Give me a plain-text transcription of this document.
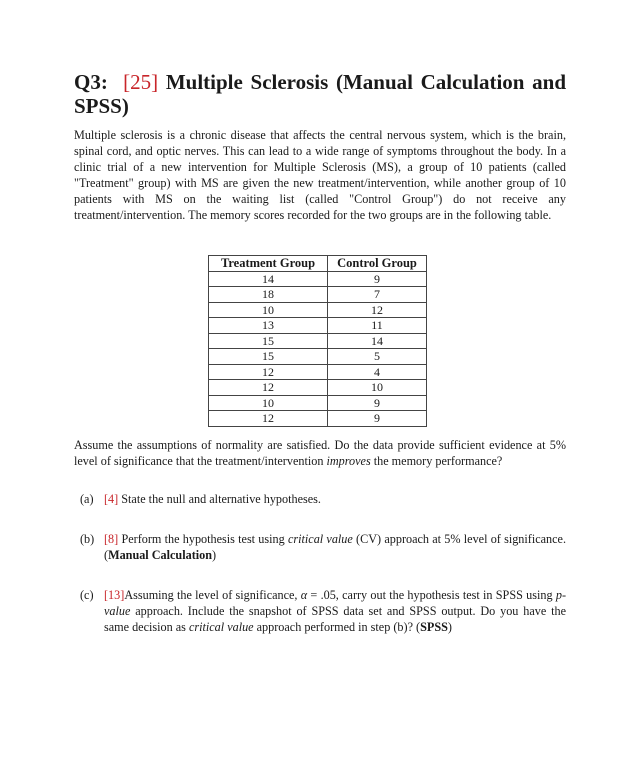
Q3: [25] Multiple Sclerosis (Manual Calculation and SPSS)

Multiple sclerosis is a chronic disease that affects the central nervous system, which is the brain, spinal cord, and optic nerves. This can lead to a wide range of symptoms throughout the body. In a clinic trial of a new intervention for Multiple Sclerosis (MS), a group of 10 patients (called "Treatment" group) with MS are given the new treatment/intervention, while another group of 10 patients with MS on the waiting list (called "Control Group") do not receive any treatment/intervention. The memory scores recorded for the two groups are in the following table.

Treatment Group	Control Group
14	9
18	7
10	12
13	11
15	14
15	5
12	4
12	10
10	9
12	9

Assume the assumptions of normality are satisfied. Do the data provide sufficient evidence at 5% level of significance that the treatment/intervention improves the memory performance?

(a) [4] State the null and alternative hypotheses.
(b) [8] Perform the hypothesis test using critical value (CV) approach at 5% level of significance. (Manual Calculation)
(c) [13]Assuming the level of significance, α = .05, carry out the hypothesis test in SPSS using p-value approach. Include the snapshot of SPSS data set and SPSS output. Do you have the same decision as critical value approach performed in step (b)? (SPSS)
